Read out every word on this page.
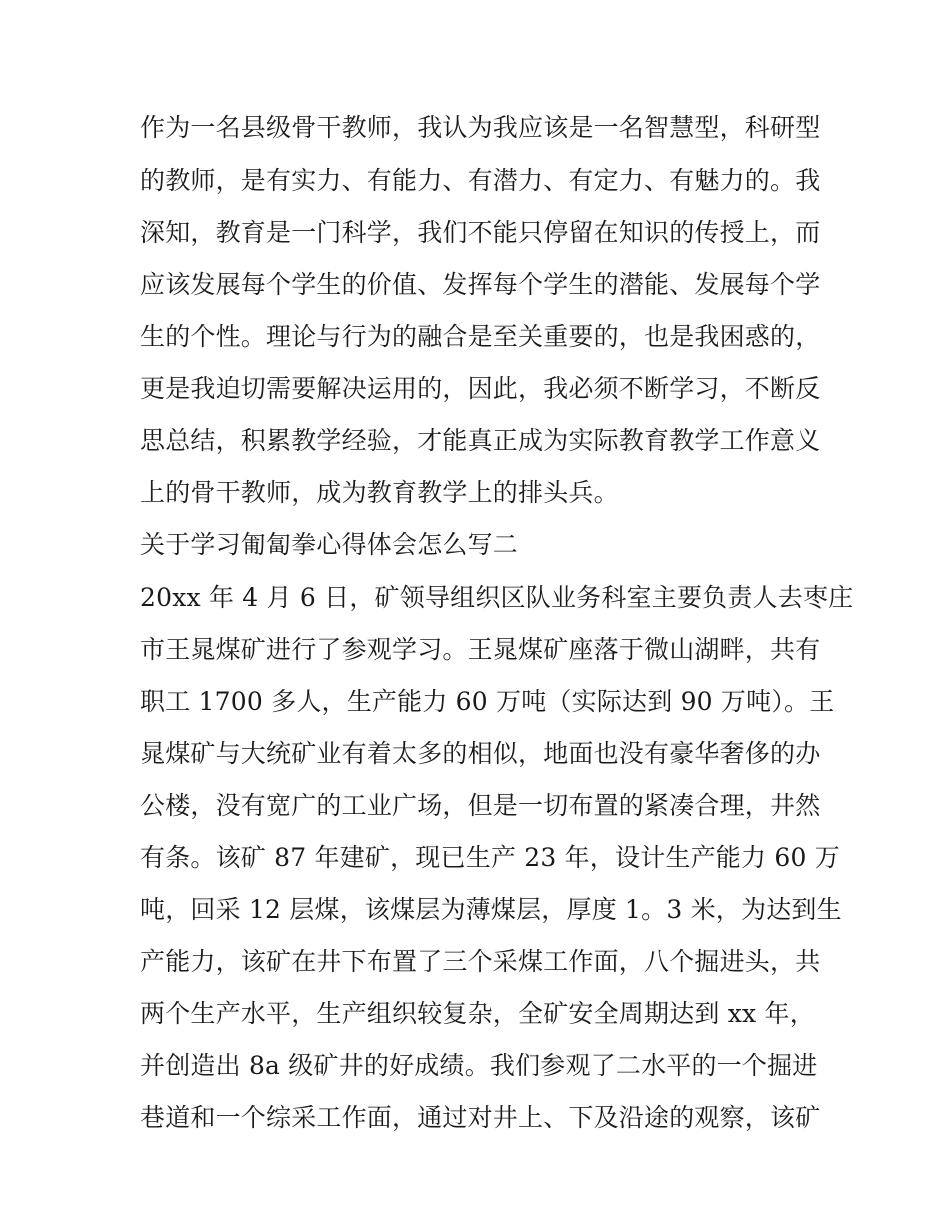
作为一名县级骨干教师，我认为我应该是一名智慧型，科研型
的教师，是有实力、有能力、有潜力、有定力、有魅力的。我
深知，教育是一门科学，我们不能只停留在知识的传授上，而
应该发展每个学生的价值、发挥每个学生的潜能、发展每个学
生的个性。理论与行为的融合是至关重要的，也是我困惑的，
更是我迫切需要解决运用的，因此，我必须不断学习，不断反
思总结，积累教学经验，才能真正成为实际教育教学工作意义
上的骨干教师，成为教育教学上的排头兵。
关于学习匍匐拳心得体会怎么写二
20xx 年 4 月 6 日，矿领导组织区队业务科室主要负责人去枣庄
市王晁煤矿进行了参观学习。王晁煤矿座落于微山湖畔，共有
职工 1700 多人，生产能力 60 万吨（实际达到 90 万吨）。王
晁煤矿与大统矿业有着太多的相似，地面也没有豪华奢侈的办
公楼，没有宽广的工业广场，但是一切布置的紧凑合理，井然
有条。该矿 87 年建矿，现已生产 23 年，设计生产能力 60 万
吨，回采 12 层煤，该煤层为薄煤层，厚度 1。3 米，为达到生
产能力，该矿在井下布置了三个采煤工作面，八个掘进头，共
两个生产水平，生产组织较复杂，全矿安全周期达到 xx 年，
并创造出 8a 级矿井的好成绩。我们参观了二水平的一个掘进
巷道和一个综采工作面，通过对井上、下及沿途的观察，该矿
